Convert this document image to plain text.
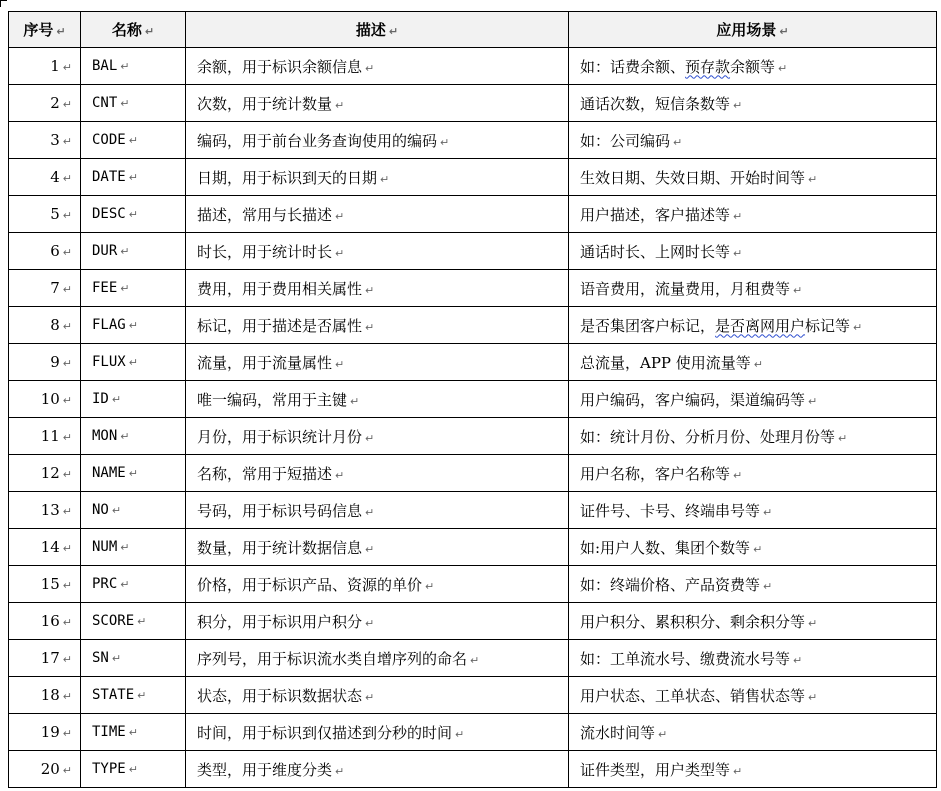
序号 ↵	名称 ↵	描述 ↵	应用场景 ↵
1 ↵	BAL ↵	余额，用于标识余额信息 ↵	如：话费余额、预存款余额等 ↵
2 ↵	CNT ↵	次数，用于统计数量 ↵	通话次数，短信条数等 ↵
3 ↵	CODE ↵	编码，用于前台业务查询使用的编码 ↵	如：公司编码 ↵
4 ↵	DATE ↵	日期，用于标识到天的日期 ↵	生效日期、失效日期、开始时间等 ↵
5 ↵	DESC ↵	描述，常用与长描述 ↵	用户描述，客户描述等 ↵
6 ↵	DUR ↵	时长，用于统计时长 ↵	通话时长、上网时长等 ↵
7 ↵	FEE ↵	费用，用于费用相关属性 ↵	语音费用，流量费用，月租费等 ↵
8 ↵	FLAG ↵	标记，用于描述是否属性 ↵	是否集团客户标记，是否离网用户标记等 ↵
9 ↵	FLUX ↵	流量，用于流量属性 ↵	总流量，APP 使用流量等 ↵
10 ↵	ID ↵	唯一编码，常用于主键 ↵	用户编码，客户编码，渠道编码等 ↵
11 ↵	MON ↵	月份，用于标识统计月份 ↵	如：统计月份、分析月份、处理月份等 ↵
12 ↵	NAME ↵	名称，常用于短描述 ↵	用户名称，客户名称等 ↵
13 ↵	NO ↵	号码，用于标识号码信息 ↵	证件号、卡号、终端串号等 ↵
14 ↵	NUM ↵	数量，用于统计数据信息 ↵	如:用户人数、集团个数等 ↵
15 ↵	PRC ↵	价格，用于标识产品、资源的单价 ↵	如：终端价格、产品资费等 ↵
16 ↵	SCORE ↵	积分，用于标识用户积分 ↵	用户积分、累积积分、剩余积分等 ↵
17 ↵	SN ↵	序列号，用于标识流水类自增序列的命名 ↵	如：工单流水号、缴费流水号等 ↵
18 ↵	STATE ↵	状态，用于标识数据状态 ↵	用户状态、工单状态、销售状态等 ↵
19 ↵	TIME ↵	时间，用于标识到仅描述到分秒的时间 ↵	流水时间等 ↵
20 ↵	TYPE ↵	类型，用于维度分类 ↵	证件类型，用户类型等 ↵
